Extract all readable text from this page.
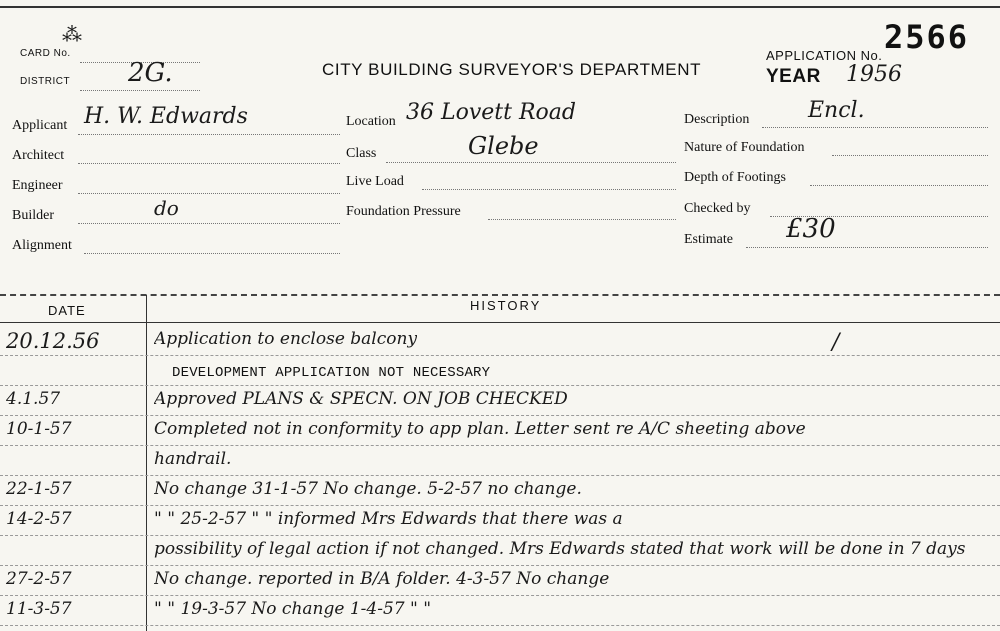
CARD No.
DISTRICT 2G.	CITY BUILDING SURVEYOR'S DEPARTMENT
APPLICATION No. 2566
YEAR 1956
Applicant H. W. Edwards
Architect
Engineer
Builder	do
Alignment
Location 36 Lovett Road
Class	Glebe
Live Load
Foundation Pressure
Description	Encl.
Nature of Foundation
Depth of Footings
Checked by
Estimate £30
DATE	HISTORY
20.12.56	Application to enclose balcony
DEVELOPMENT APPLICATION NOT NECESSARY
4.1.57	Approved PLANS & SPECN. ON JOB CHECKED
10-1-57	Completed not in conformity to app plan. Letter sent re A/C sheeting above
handrail.
22-1-57	No change 31-1-57 No change. 5-2-57 no change.
14-2-57	" " 25-2-57 " " informed Mrs Edwards that there was a
possibility of legal action if not changed. Mrs Edwards stated that work will be done in 7 days
27-2-57	No change. reported in B/A folder. 4-3-57 No change
11-3-57	" " 19-3-57 No change 1-4-57 " "
⁂
/
